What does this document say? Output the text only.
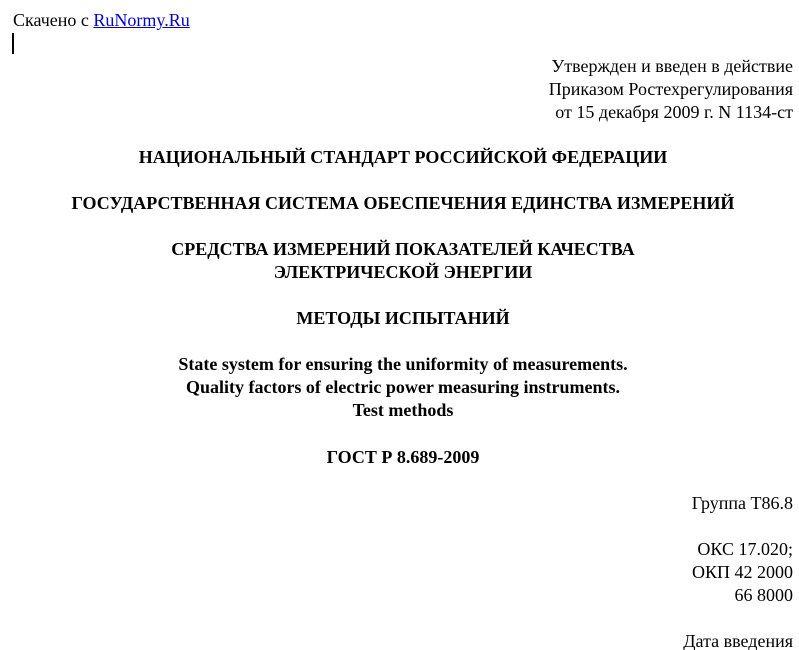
Скачено с RuNormy.Ru
Утвержден и введен в действие
Приказом Ростехрегулирования
от 15 декабря 2009 г. N 1134-ст
НАЦИОНАЛЬНЫЙ СТАНДАРТ РОССИЙСКОЙ ФЕДЕРАЦИИ
ГОСУДАРСТВЕННАЯ СИСТЕМА ОБЕСПЕЧЕНИЯ ЕДИНСТВА ИЗМЕРЕНИЙ
СРЕДСТВА ИЗМЕРЕНИЙ ПОКАЗАТЕЛЕЙ КАЧЕСТВА
ЭЛЕКТРИЧЕСКОЙ ЭНЕРГИИ
МЕТОДЫ ИСПЫТАНИЙ
State system for ensuring the uniformity of measurements.
Quality factors of electric power measuring instruments.
Test methods
ГОСТ Р 8.689-2009
Группа Т86.8
ОКС 17.020;
ОКП 42 2000
66 8000
Дата введения
